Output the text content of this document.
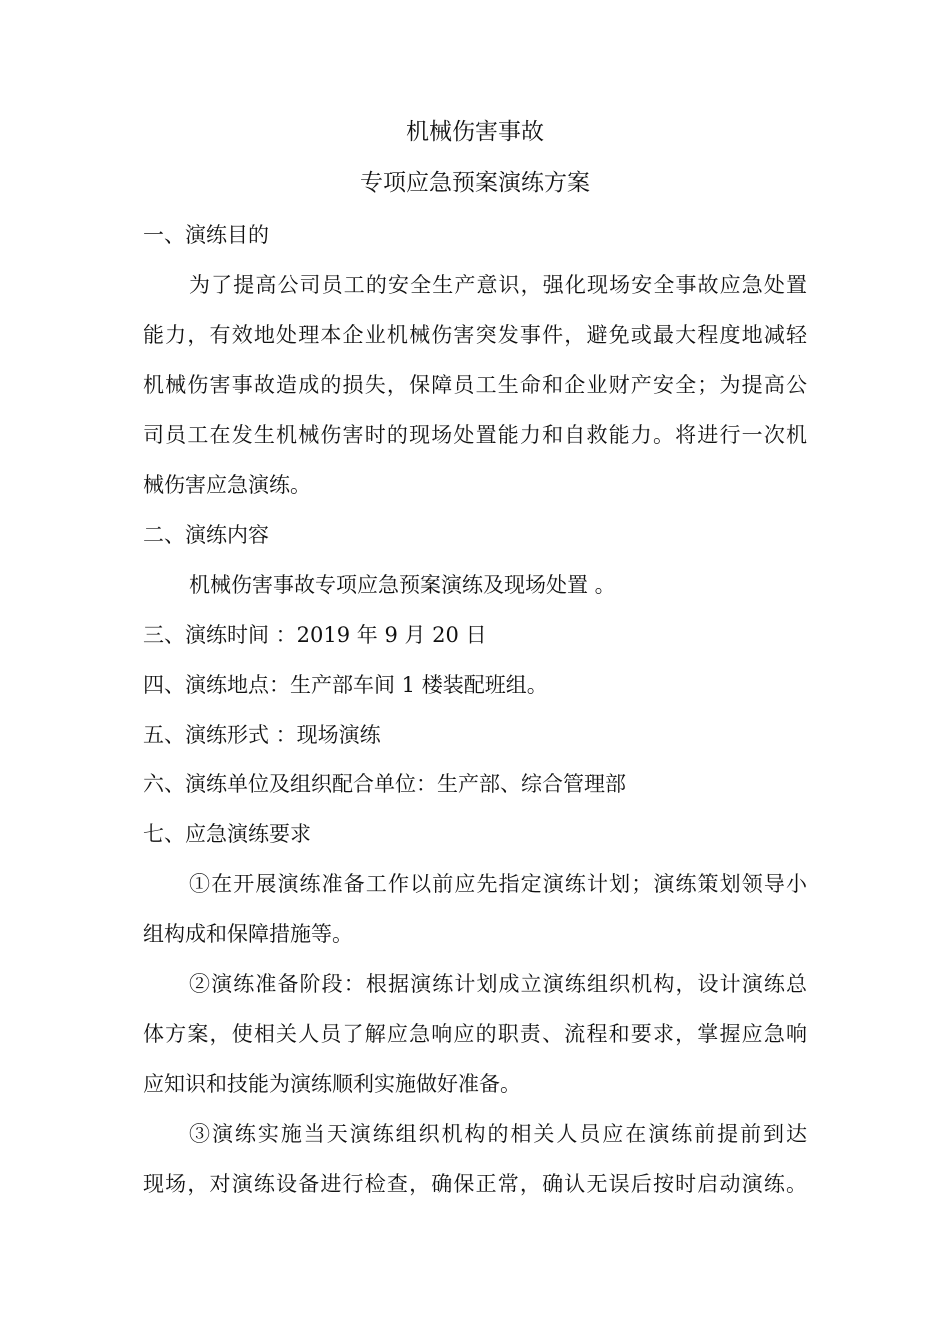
机械伤害事故
专项应急预案演练方案
一、演练目的
为了提高公司员工的安全生产意识，强化现场安全事故应急处置
能力，有效地处理本企业机械伤害突发事件，避免或最大程度地减轻
机械伤害事故造成的损失，保障员工生命和企业财产安全；为提高公
司员工在发生机械伤害时的现场处置能力和自救能力。将进行一次机
械伤害应急演练。
二、演练内容
机械伤害事故专项应急预案演练及现场处置 。
三、演练时间 ：2019 年 9 月 20 日
四、演练地点：生产部车间 1 楼装配班组。
五、演练形式 ：现场演练
六、演练单位及组织配合单位：生产部、综合管理部
七、应急演练要求
①在开展演练准备工作以前应先指定演练计划；演练策划领导小
组构成和保障措施等。
②演练准备阶段：根据演练计划成立演练组织机构，设计演练总
体方案，使相关人员了解应急响应的职责、流程和要求，掌握应急响
应知识和技能为演练顺利实施做好准备。
③演练实施当天演练组织机构的相关人员应在演练前提前到达
现场，对演练设备进行检查，确保正常，确认无误后按时启动演练。
